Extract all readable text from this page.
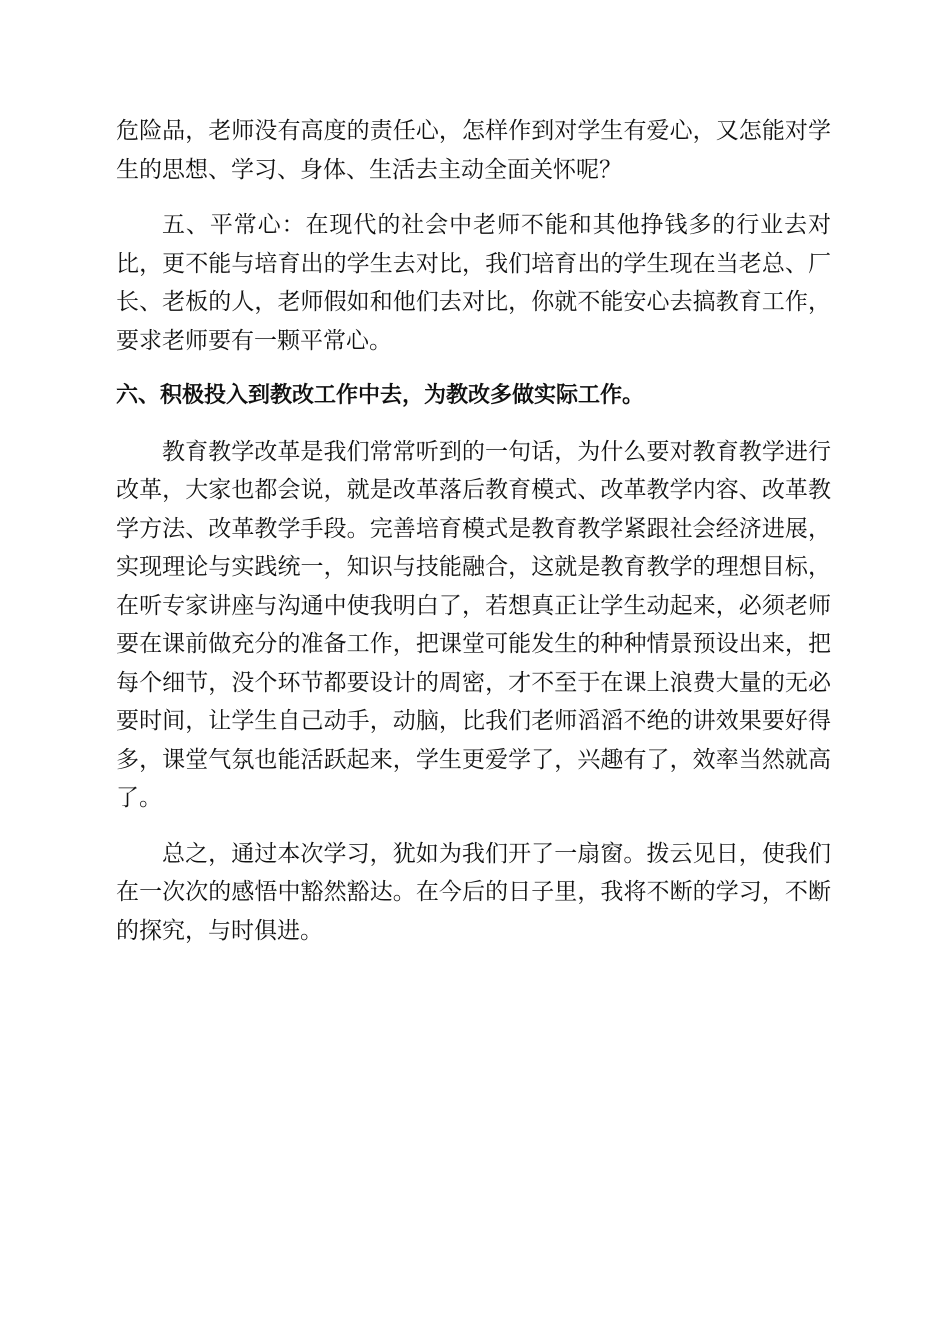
危险品，老师没有高度的责任心，怎样作到对学生有爱心，又怎能对学生的思想、学习、身体、生活去主动全面关怀呢？

五、平常心：在现代的社会中老师不能和其他挣钱多的行业去对比，更不能与培育出的学生去对比，我们培育出的学生现在当老总、厂长、老板的人，老师假如和他们去对比，你就不能安心去搞教育工作，要求老师要有一颗平常心。

六、积极投入到教改工作中去，为教改多做实际工作。

教育教学改革是我们常常听到的一句话，为什么要对教育教学进行改革，大家也都会说，就是改革落后教育模式、改革教学内容、改革教学方法、改革教学手段。完善培育模式是教育教学紧跟社会经济进展，实现理论与实践统一，知识与技能融合，这就是教育教学的理想目标，在听专家讲座与沟通中使我明白了，若想真正让学生动起来，必须老师要在课前做充分的准备工作，把课堂可能发生的种种情景预设出来，把每个细节，没个环节都要设计的周密，才不至于在课上浪费大量的无必要时间，让学生自己动手，动脑，比我们老师滔滔不绝的讲效果要好得多，课堂气氛也能活跃起来，学生更爱学了，兴趣有了，效率当然就高了。

总之，通过本次学习，犹如为我们开了一扇窗。拨云见日，使我们在一次次的感悟中豁然豁达。在今后的日子里，我将不断的学习，不断的探究，与时俱进。
